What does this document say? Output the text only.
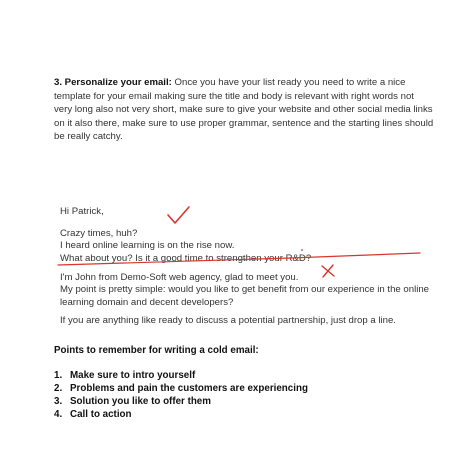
3. Personalize your email: Once you have your list ready you need to write a nice template for your email making sure the title and body is relevant with right words not very long also not very short, make sure to give your website and other social media links on it also there, make sure to use proper grammar, sentence and the starting lines should be really catchy.
Hi Patrick,
Crazy times, huh?
I heard online learning is on the rise now.
What about you? Is it a good time to strengthen your R&D?
I'm John from Demo-Soft web agency, glad to meet you.
My point is pretty simple: would you like to get benefit from our experience in the online learning domain and decent developers?
If you are anything like ready to discuss a potential partnership, just drop a line.
Points to remember for writing a cold email:
1. Make sure to intro yourself
2. Problems and pain the customers are experiencing
3. Solution you like to offer them
4. Call to action
